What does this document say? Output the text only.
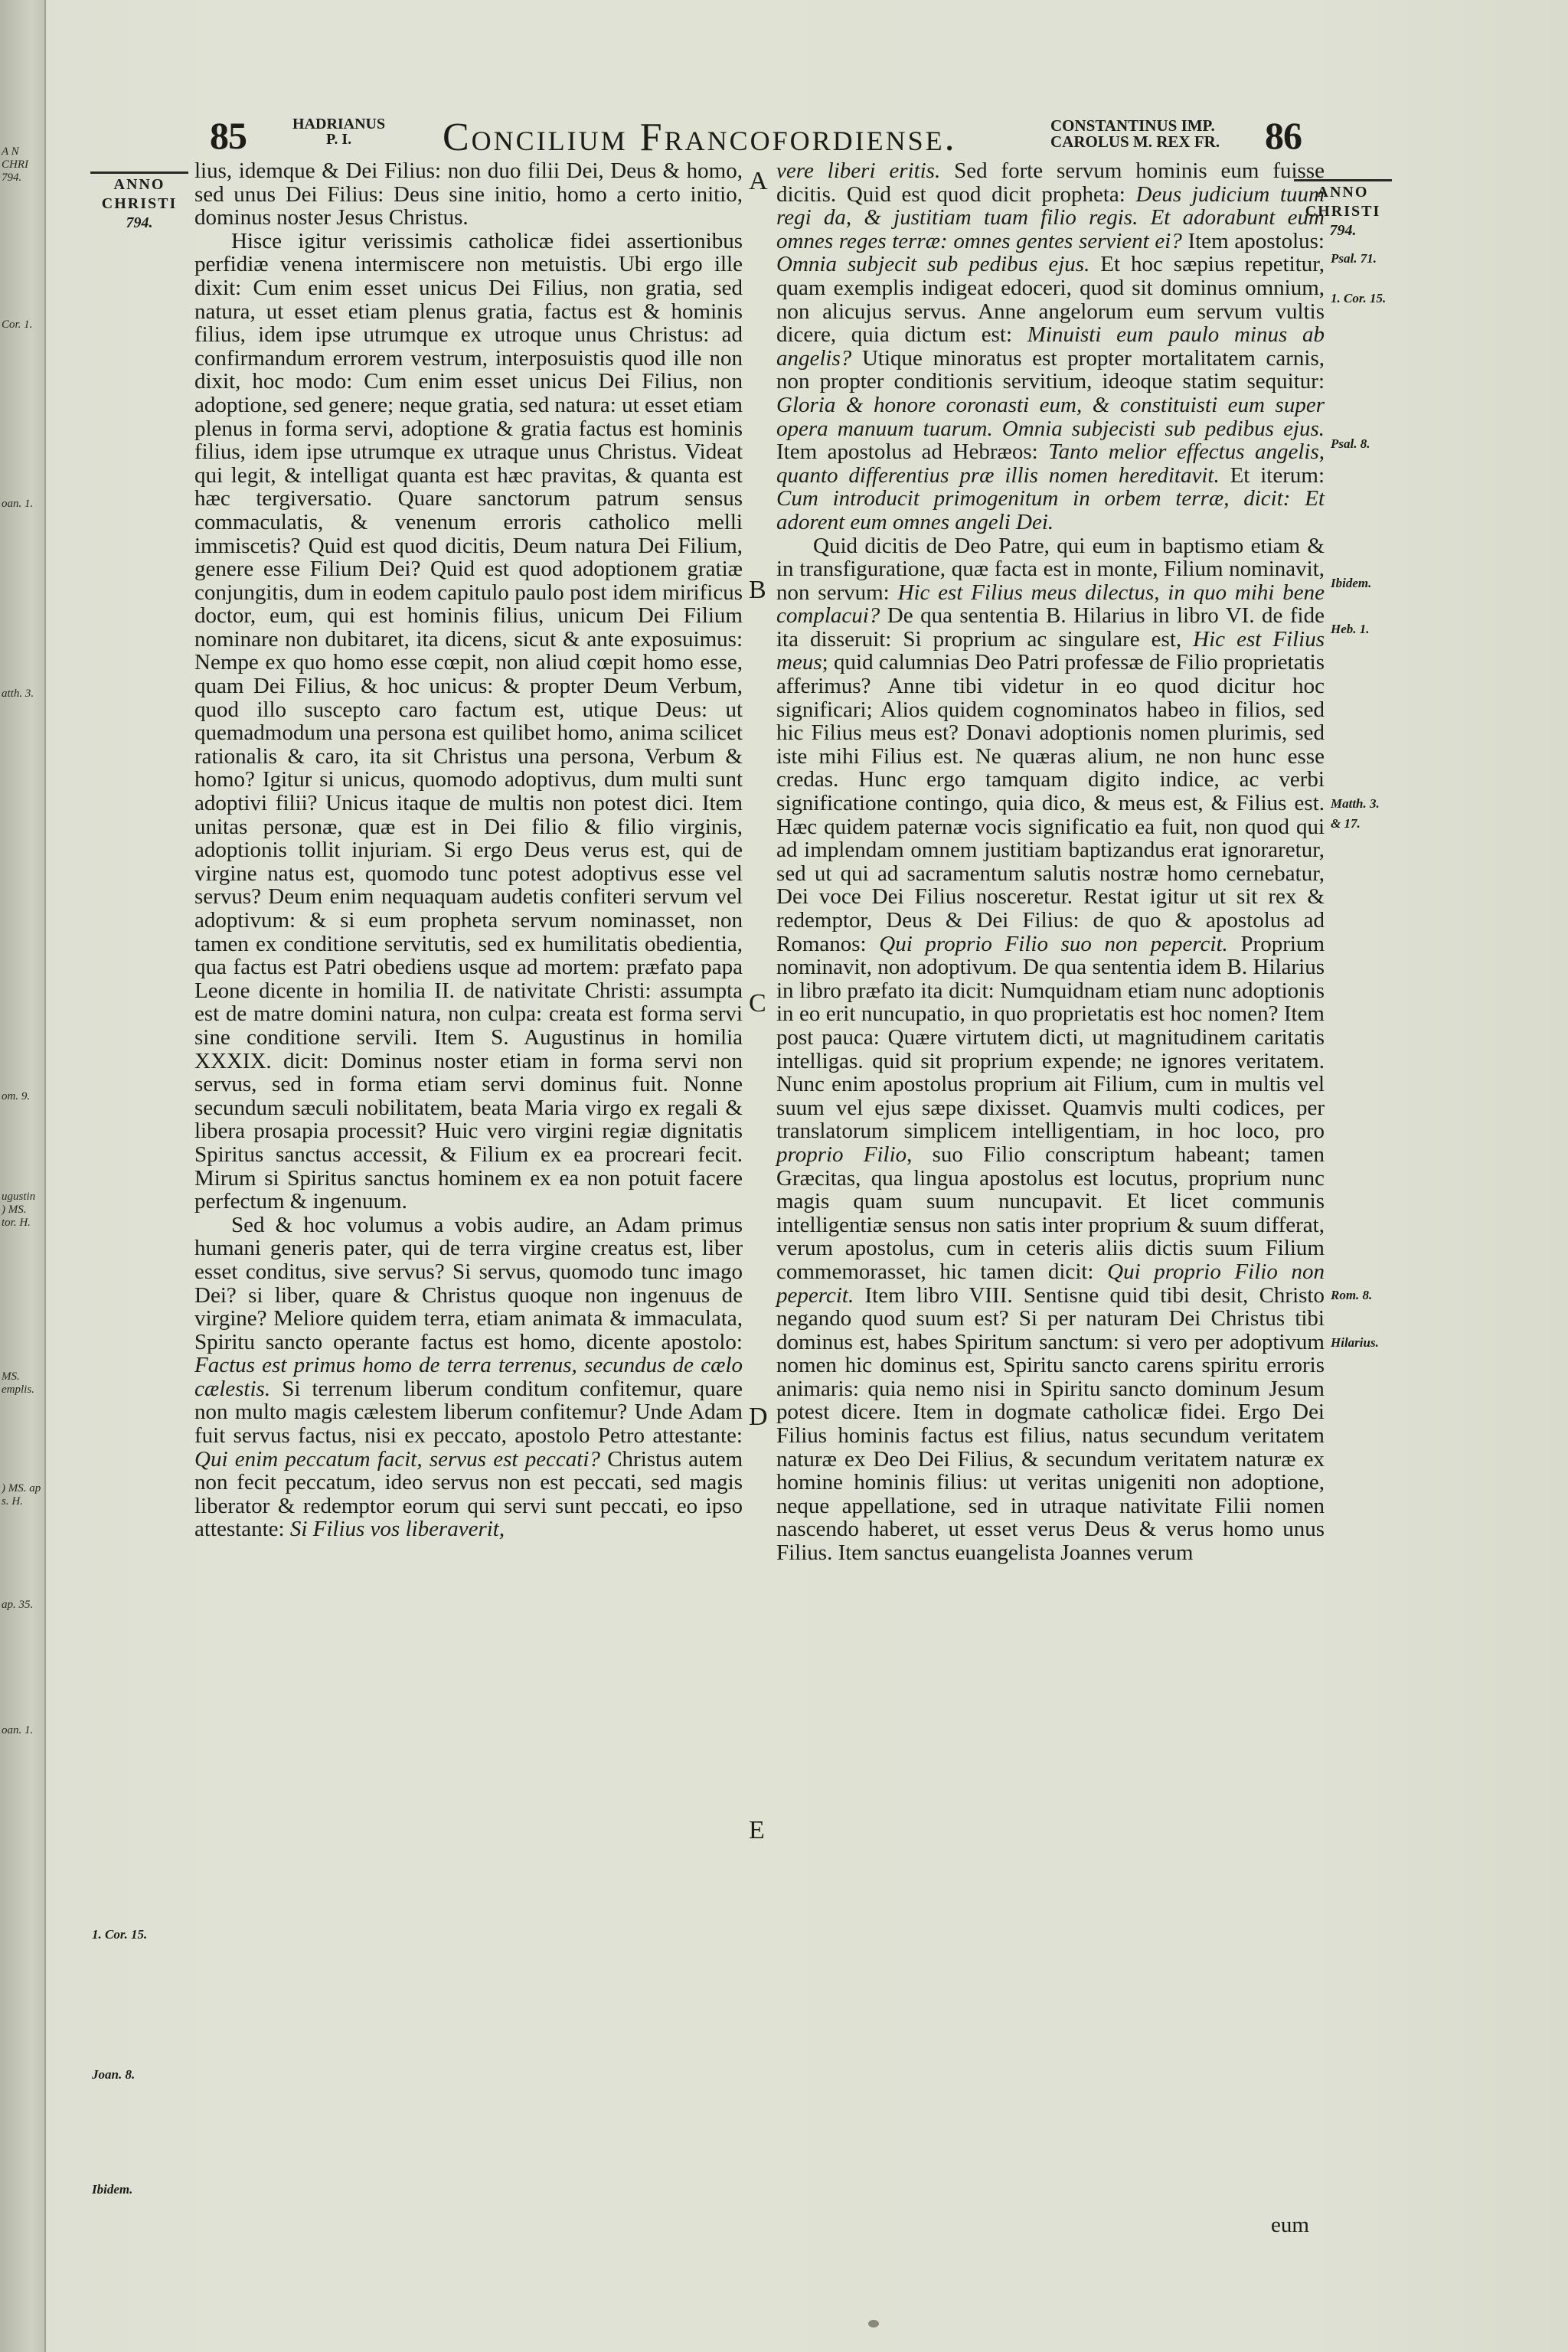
A N
CHRI
794.
Cor. 1.
oan. 1.
atth. 3.
om. 9.
ugustin
) MS.
tor. H.
MS.
emplis.
) MS. ap
s. H.
ap. 35.
oan. 1.
85	HADRIANUS
P. I.	Concilium Francofordiense.	CONSTANTINUS IMP.
CAROLUS M. REX FR. 86
ANNO
CHRISTI
794.
ANNO
CHRISTI
794.
1. Cor. 15.
Joan. 8.
Ibidem.
Psal. 71.
1. Cor. 15.
Psal. 8.
Ibidem.
Heb. 1.
Matth. 3.
& 17.
Rom. 8.
Hilarius.
A
B
C
D
E

lius, idemque & Dei Filius: non duo filii Dei, Deus & homo, sed unus Dei Filius: Deus sine initio, homo a certo initio, dominus noster Jesus Christus.

Hisce igitur verissimis catholicæ fidei assertionibus perfidiæ venena intermiscere non metuistis. Ubi ergo ille dixit: Cum enim esset unicus Dei Filius, non gratia, sed natura, ut esset etiam plenus gratia, factus est & hominis filius, idem ipse utrumque ex utroque unus Christus: ad confirmandum errorem vestrum, interposuistis quod ille non dixit, hoc modo: Cum enim esset unicus Dei Filius, non adoptione, sed genere; neque gratia, sed natura: ut esset etiam plenus in forma servi, adoptione & gratia factus est hominis filius, idem ipse utrumque ex utraque unus Christus. Videat qui legit, & intelligat quanta est hæc pravitas, & quanta est hæc tergiversatio. Quare sanctorum patrum sensus commaculatis, & venenum erroris catholico melli immiscetis? Quid est quod dicitis, Deum natura Dei Filium, genere esse Filium Dei? Quid est quod adoptionem gratiæ conjungitis, dum in eodem capitulo paulo post idem mirificus doctor, eum, qui est hominis filius, unicum Dei Filium nominare non dubitaret, ita dicens, sicut & ante exposuimus: Nempe ex quo homo esse cœpit, non aliud cœpit homo esse, quam Dei Filius, & hoc unicus: & propter Deum Verbum, quod illo suscepto caro factum est, utique Deus: ut quemadmodum una persona est quilibet homo, anima scilicet rationalis & caro, ita sit Christus una persona, Verbum & homo? Igitur si unicus, quomodo adoptivus, dum multi sunt adoptivi filii? Unicus itaque de multis non potest dici. Item unitas personæ, quæ est in Dei filio & filio virginis, adoptionis tollit injuriam. Si ergo Deus verus est, qui de virgine natus est, quomodo tunc potest adoptivus esse vel servus? Deum enim nequaquam audetis confiteri servum vel adoptivum: & si eum propheta servum nominasset, non tamen ex conditione servitutis, sed ex humilitatis obedientia, qua factus est Patri obediens usque ad mortem: præfato papa Leone dicente in homilia II. de nativitate Christi: assumpta est de matre domini natura, non culpa: creata est forma servi sine conditione servili. Item S. Augustinus in homilia XXXIX. dicit: Dominus noster etiam in forma servi non servus, sed in forma etiam servi dominus fuit. Nonne secundum sæculi nobilitatem, beata Maria virgo ex regali & libera prosapia processit? Huic vero virgini regiæ dignitatis Spiritus sanctus accessit, & Filium ex ea procreari fecit. Mirum si Spiritus sanctus hominem ex ea non potuit facere perfectum & ingenuum.

Sed & hoc volumus a vobis audire, an Adam primus humani generis pater, qui de terra virgine creatus est, liber esset conditus, sive servus? Si servus, quomodo tunc imago Dei? si liber, quare & Christus quoque non ingenuus de virgine? Meliore quidem terra, etiam animata & immaculata, Spiritu sancto operante factus est homo, dicente apostolo: Factus est primus homo de terra terrenus, secundus de cælo cælestis. Si terrenum liberum conditum confitemur, quare non multo magis cælestem liberum confitemur? Unde Adam fuit servus factus, nisi ex peccato, apostolo Petro attestante: Qui enim peccatum facit, servus est peccati? Christus autem non fecit peccatum, ideo servus non est peccati, sed magis liberator & redemptor eorum qui servi sunt peccati, eo ipso attestante: Si Filius vos liberaverit,

vere liberi eritis. Sed forte servum hominis eum fuisse dicitis. Quid est quod dicit propheta: Deus judicium tuum regi da, & justitiam tuam filio regis. Et adorabunt eum omnes reges terræ: omnes gentes servient ei? Item apostolus: Omnia subjecit sub pedibus ejus. Et hoc sæpius repetitur, quam exemplis indigeat edoceri, quod sit dominus omnium, non alicujus servus. Anne angelorum eum servum vultis dicere, quia dictum est: Minuisti eum paulo minus ab angelis? Utique minoratus est propter mortalitatem carnis, non propter conditionis servitium, ideoque statim sequitur: Gloria & honore coronasti eum, & constituisti eum super opera manuum tuarum. Omnia subjecisti sub pedibus ejus. Item apostolus ad Hebræos: Tanto melior effectus angelis, quanto differentius præ illis nomen hereditavit. Et iterum: Cum introducit primogenitum in orbem terræ, dicit: Et adorent eum omnes angeli Dei.

Quid dicitis de Deo Patre, qui eum in baptismo etiam & in transfiguratione, quæ facta est in monte, Filium nominavit, non servum: Hic est Filius meus dilectus, in quo mihi bene complacui? De qua sententia B. Hilarius in libro VI. de fide ita disseruit: Si proprium ac singulare est, Hic est Filius meus; quid calumnias Deo Patri professæ de Filio proprietatis afferimus? Anne tibi videtur in eo quod dicitur hoc significari; Alios quidem cognominatos habeo in filios, sed hic Filius meus est? Donavi adoptionis nomen plurimis, sed iste mihi Filius est. Ne quæras alium, ne non hunc esse credas. Hunc ergo tamquam digito indice, ac verbi significatione contingo, quia dico, & meus est, & Filius est. Hæc quidem paternæ vocis significatio ea fuit, non quod qui ad implendam omnem justitiam baptizandus erat ignoraretur, sed ut qui ad sacramentum salutis nostræ homo cernebatur, Dei voce Dei Filius nosceretur. Restat igitur ut sit rex & redemptor, Deus & Dei Filius: de quo & apostolus ad Romanos: Qui proprio Filio suo non pepercit. Proprium nominavit, non adoptivum. De qua sententia idem B. Hilarius in libro præfato ita dicit: Numquidnam etiam nunc adoptionis in eo erit nuncupatio, in quo proprietatis est hoc nomen? Item post pauca: Quære virtutem dicti, ut magnitudinem caritatis intelligas. quid sit proprium expende; ne ignores veritatem. Nunc enim apostolus proprium ait Filium, cum in multis vel suum vel ejus sæpe dixisset. Quamvis multi codices, per translatorum simplicem intelligentiam, in hoc loco, pro proprio Filio, suo Filio conscriptum habeant; tamen Græcitas, qua lingua apostolus est locutus, proprium nunc magis quam suum nuncupavit. Et licet communis intelligentiæ sensus non satis inter proprium & suum differat, verum apostolus, cum in ceteris aliis dictis suum Filium commemorasset, hic tamen dicit: Qui proprio Filio non pepercit. Item libro VIII. Sentisne quid tibi desit, Christo negando quod suum est? Si per naturam Dei Christus tibi dominus est, habes Spiritum sanctum: si vero per adoptivum nomen hic dominus est, Spiritu sancto carens spiritu erroris animaris: quia nemo nisi in Spiritu sancto dominum Jesum potest dicere. Item in dogmate catholicæ fidei. Ergo Dei Filius hominis factus est filius, natus secundum veritatem naturæ ex Deo Dei Filius, & secundum veritatem naturæ ex homine hominis filius: ut veritas unigeniti non adoptione, neque appellatione, sed in utraque nativitate Filii nomen nascendo haberet, ut esset verus Deus & verus homo unus Filius. Item sanctus euangelista Joannes verum

eum
